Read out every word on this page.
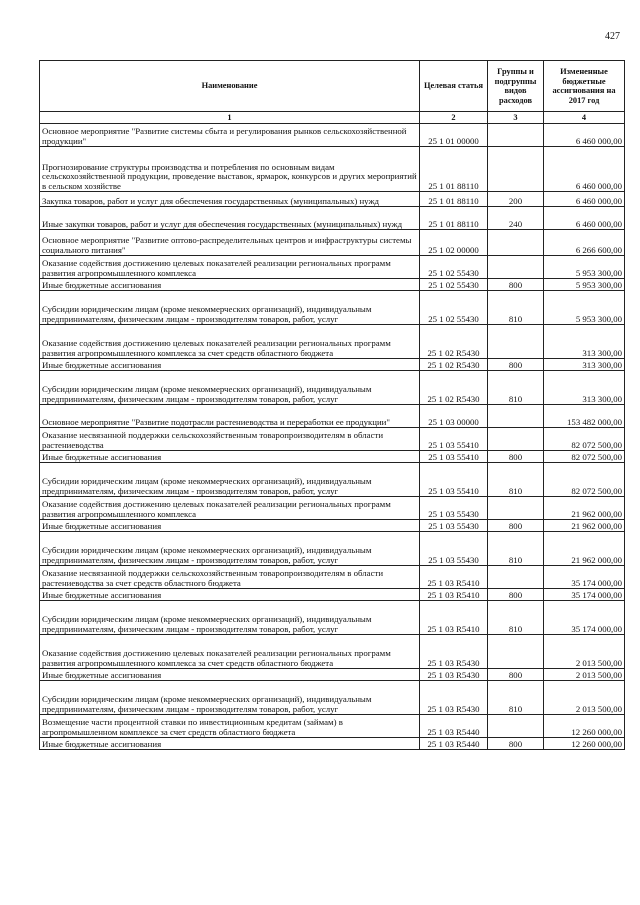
427
Наименование	Целевая статья	Группы и подгруппы видов расходов	Измененные бюджетные ассигнования на 2017 год
1	2	3	4
Основное мероприятие "Развитие системы сбыта и регулирования рынков сельскохозяйственной продукции"	25 1 01 00000		6 460 000,00
Прогнозирование структуры производства и потребления по основным видам сельскохозяйственной продукции, проведение выставок, ярмарок, конкурсов и других мероприятий в сельском хозяйстве	25 1 01 88110		6 460 000,00
Закупка товаров, работ и услуг для обеспечения государственных (муниципальных) нужд	25 1 01 88110	200	6 460 000,00
Иные закупки товаров, работ и услуг для обеспечения государственных (муниципальных) нужд	25 1 01 88110	240	6 460 000,00
Основное мероприятие "Развитие оптово-распределительных центров и инфраструктуры системы социального питания"	25 1 02 00000		6 266 600,00
Оказание содействия достижению целевых показателей реализации региональных программ развития агропромышленного комплекса	25 1 02 55430		5 953 300,00
Иные бюджетные ассигнования	25 1 02 55430	800	5 953 300,00
Субсидии юридическим лицам (кроме некоммерческих организаций), индивидуальным предпринимателям, физическим лицам - производителям товаров, работ, услуг	25 1 02 55430	810	5 953 300,00
Оказание содействия достижению целевых показателей реализации региональных программ развития агропромышленного комплекса за счет средств областного бюджета	25 1 02 R5430		313 300,00
Иные бюджетные ассигнования	25 1 02 R5430	800	313 300,00
Субсидии юридическим лицам (кроме некоммерческих организаций), индивидуальным предпринимателям, физическим лицам - производителям товаров, работ, услуг	25 1 02 R5430	810	313 300,00
Основное мероприятие "Развитие подотрасли растениеводства и переработки ее продукции"	25 1 03 00000		153 482 000,00
Оказание несвязанной поддержки сельскохозяйственным товаропроизводителям в области растениеводства	25 1 03 55410		82 072 500,00
Иные бюджетные ассигнования	25 1 03 55410	800	82 072 500,00
Субсидии юридическим лицам (кроме некоммерческих организаций), индивидуальным предпринимателям, физическим лицам - производителям товаров, работ, услуг	25 1 03 55410	810	82 072 500,00
Оказание содействия достижению целевых показателей реализации региональных программ развития агропромышленного комплекса	25 1 03 55430		21 962 000,00
Иные бюджетные ассигнования	25 1 03 55430	800	21 962 000,00
Субсидии юридическим лицам (кроме некоммерческих организаций), индивидуальным предпринимателям, физическим лицам - производителям товаров, работ, услуг	25 1 03 55430	810	21 962 000,00
Оказание несвязанной поддержки сельскохозяйственным товаропроизводителям в области растениеводства за счет средств областного бюджета	25 1 03 R5410		35 174 000,00
Иные бюджетные ассигнования	25 1 03 R5410	800	35 174 000,00
Субсидии юридическим лицам (кроме некоммерческих организаций), индивидуальным предпринимателям, физическим лицам - производителям товаров, работ, услуг	25 1 03 R5410	810	35 174 000,00
Оказание содействия достижению целевых показателей реализации региональных программ развития агропромышленного комплекса за счет средств областного бюджета	25 1 03 R5430		2 013 500,00
Иные бюджетные ассигнования	25 1 03 R5430	800	2 013 500,00
Субсидии юридическим лицам (кроме некоммерческих организаций), индивидуальным предпринимателям, физическим лицам - производителям товаров, работ, услуг	25 1 03 R5430	810	2 013 500,00
Возмещение части процентной ставки по инвестиционным кредитам (займам) в агропромышленном комплексе за счет средств областного бюджета	25 1 03 R5440		12 260 000,00
Иные бюджетные ассигнования	25 1 03 R5440	800	12 260 000,00
